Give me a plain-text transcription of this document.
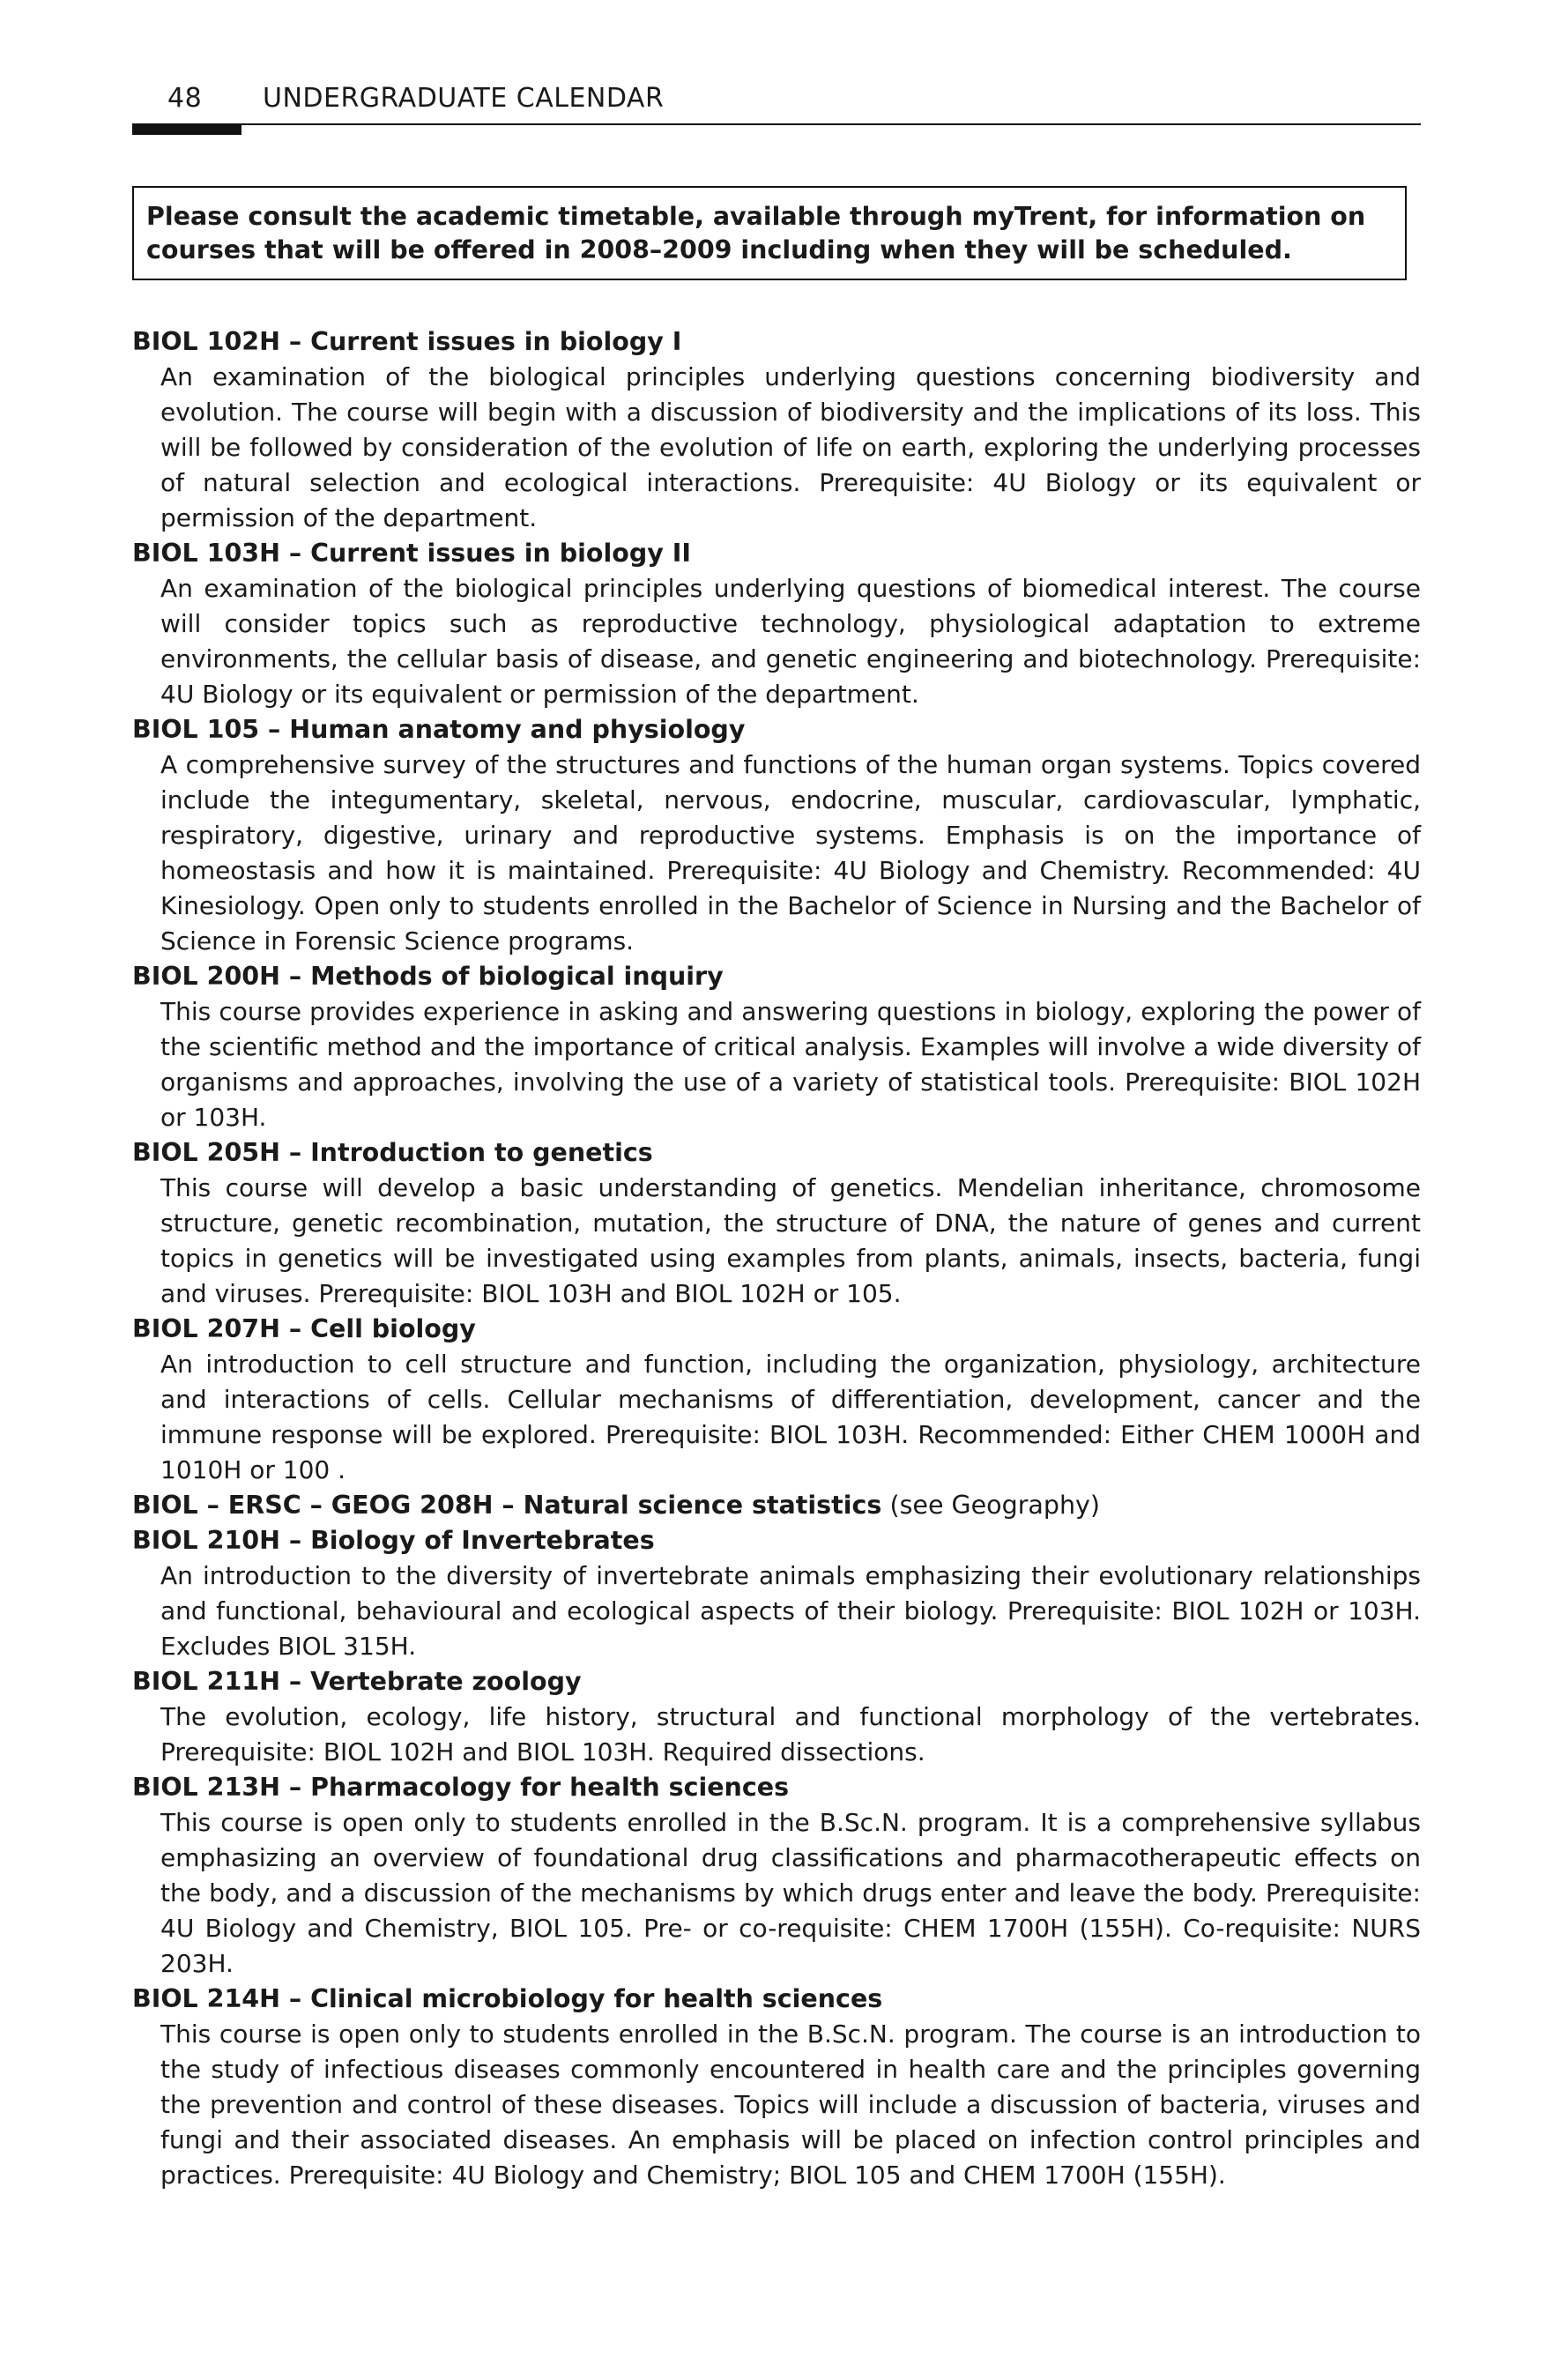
48 UNDERGRADUATE CALENDAR

Please consult the academic timetable, available through myTrent, for information on courses that will be offered in 2008–2009 including when they will be scheduled.

BIOL 102H – Current issues in biology I

An examination of the biological principles underlying questions concerning biodiversity and evolution. The course will begin with a discussion of biodiversity and the implications of its loss. This will be followed by consideration of the evolution of life on earth, exploring the underlying processes of natural selection and ecological interactions. Prerequisite: 4U Biology or its equivalent or permission of the department.

BIOL 103H – Current issues in biology II

An examination of the biological principles underlying questions of biomedical interest. The course will consider topics such as reproductive technology, physiological adaptation to extreme environments, the cellular basis of disease, and genetic engineering and biotechnology. Prerequisite: 4U Biology or its equivalent or permission of the department.

BIOL 105 – Human anatomy and physiology

A comprehensive survey of the structures and functions of the human organ systems. Topics covered include the integumentary, skeletal, nervous, endocrine, muscular, cardiovascular, lymphatic, respiratory, digestive, urinary and reproductive systems. Emphasis is on the importance of homeostasis and how it is maintained. Prerequisite: 4U Biology and Chemistry. Recommended: 4U Kinesiology. Open only to students enrolled in the Bachelor of Science in Nursing and the Bachelor of Science in Forensic Science programs.

BIOL 200H – Methods of biological inquiry

This course provides experience in asking and answering questions in biology, exploring the power of the scientific method and the importance of critical analysis. Examples will involve a wide diversity of organisms and approaches, involving the use of a variety of statistical tools. Prerequisite: BIOL 102H or 103H.

BIOL 205H – Introduction to genetics

This course will develop a basic understanding of genetics. Mendelian inheritance, chromosome structure, genetic recombination, mutation, the structure of DNA, the nature of genes and current topics in genetics will be investigated using examples from plants, animals, insects, bacteria, fungi and viruses. Prerequisite: BIOL 103H and BIOL 102H or 105.

BIOL 207H – Cell biology

An introduction to cell structure and function, including the organization, physiology, architecture and interactions of cells. Cellular mechanisms of differentiation, development, cancer and the immune response will be explored. Prerequisite: BIOL 103H. Recommended: Either CHEM 1000H and 1010H or 100 .

BIOL – ERSC – GEOG 208H – Natural science statistics (see Geography)

BIOL 210H – Biology of Invertebrates

An introduction to the diversity of invertebrate animals emphasizing their evolutionary relationships and functional, behavioural and ecological aspects of their biology. Prerequisite: BIOL 102H or 103H. Excludes BIOL 315H.

BIOL 211H – Vertebrate zoology

The evolution, ecology, life history, structural and functional morphology of the vertebrates. Prerequisite: BIOL 102H and BIOL 103H. Required dissections.

BIOL 213H – Pharmacology for health sciences

This course is open only to students enrolled in the B.Sc.N. program. It is a comprehensive syllabus emphasizing an overview of foundational drug classifications and pharmacotherapeutic effects on the body, and a discussion of the mechanisms by which drugs enter and leave the body. Prerequisite: 4U Biology and Chemistry, BIOL 105. Pre- or co-requisite: CHEM 1700H (155H). Co-requisite: NURS 203H.

BIOL 214H – Clinical microbiology for health sciences

This course is open only to students enrolled in the B.Sc.N. program. The course is an introduction to the study of infectious diseases commonly encountered in health care and the principles governing the prevention and control of these diseases. Topics will include a discussion of bacteria, viruses and fungi and their associated diseases. An emphasis will be placed on infection control principles and practices. Prerequisite: 4U Biology and Chemistry; BIOL 105 and CHEM 1700H (155H).
